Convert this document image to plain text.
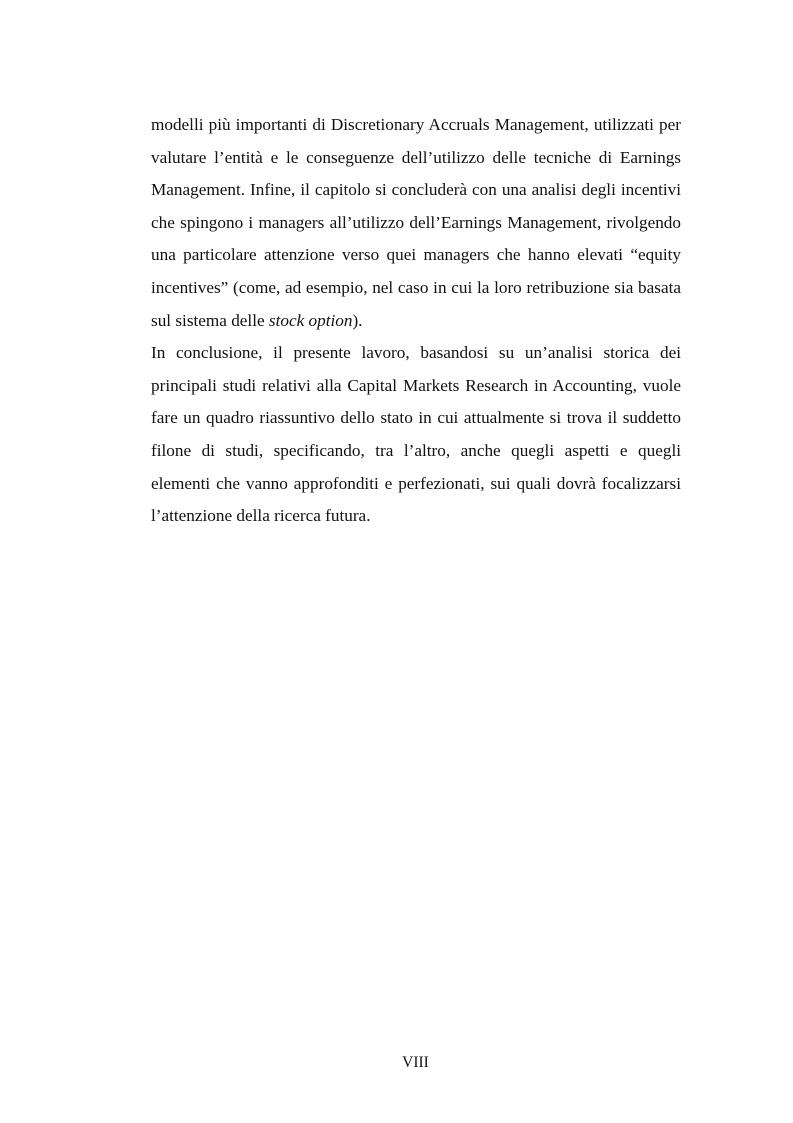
modelli più importanti di Discretionary Accruals Management, utilizzati per valutare l’entità e le conseguenze dell’utilizzo delle tecniche di Earnings Management. Infine, il capitolo si concluderà con una analisi degli incentivi che spingono i managers all’utilizzo dell’Earnings Management, rivolgendo una particolare attenzione verso quei managers che hanno elevati “equity incentives” (come, ad esempio, nel caso in cui la loro retribuzione sia basata sul sistema delle stock option).

In conclusione, il presente lavoro, basandosi su un’analisi storica dei principali studi relativi alla Capital Markets Research in Accounting, vuole fare un quadro riassuntivo dello stato in cui attualmente si trova il suddetto filone di studi, specificando, tra l’altro, anche quegli aspetti e quegli elementi che vanno approfonditi e perfezionati, sui quali dovrà focalizzarsi l’attenzione della ricerca futura.

VIII
